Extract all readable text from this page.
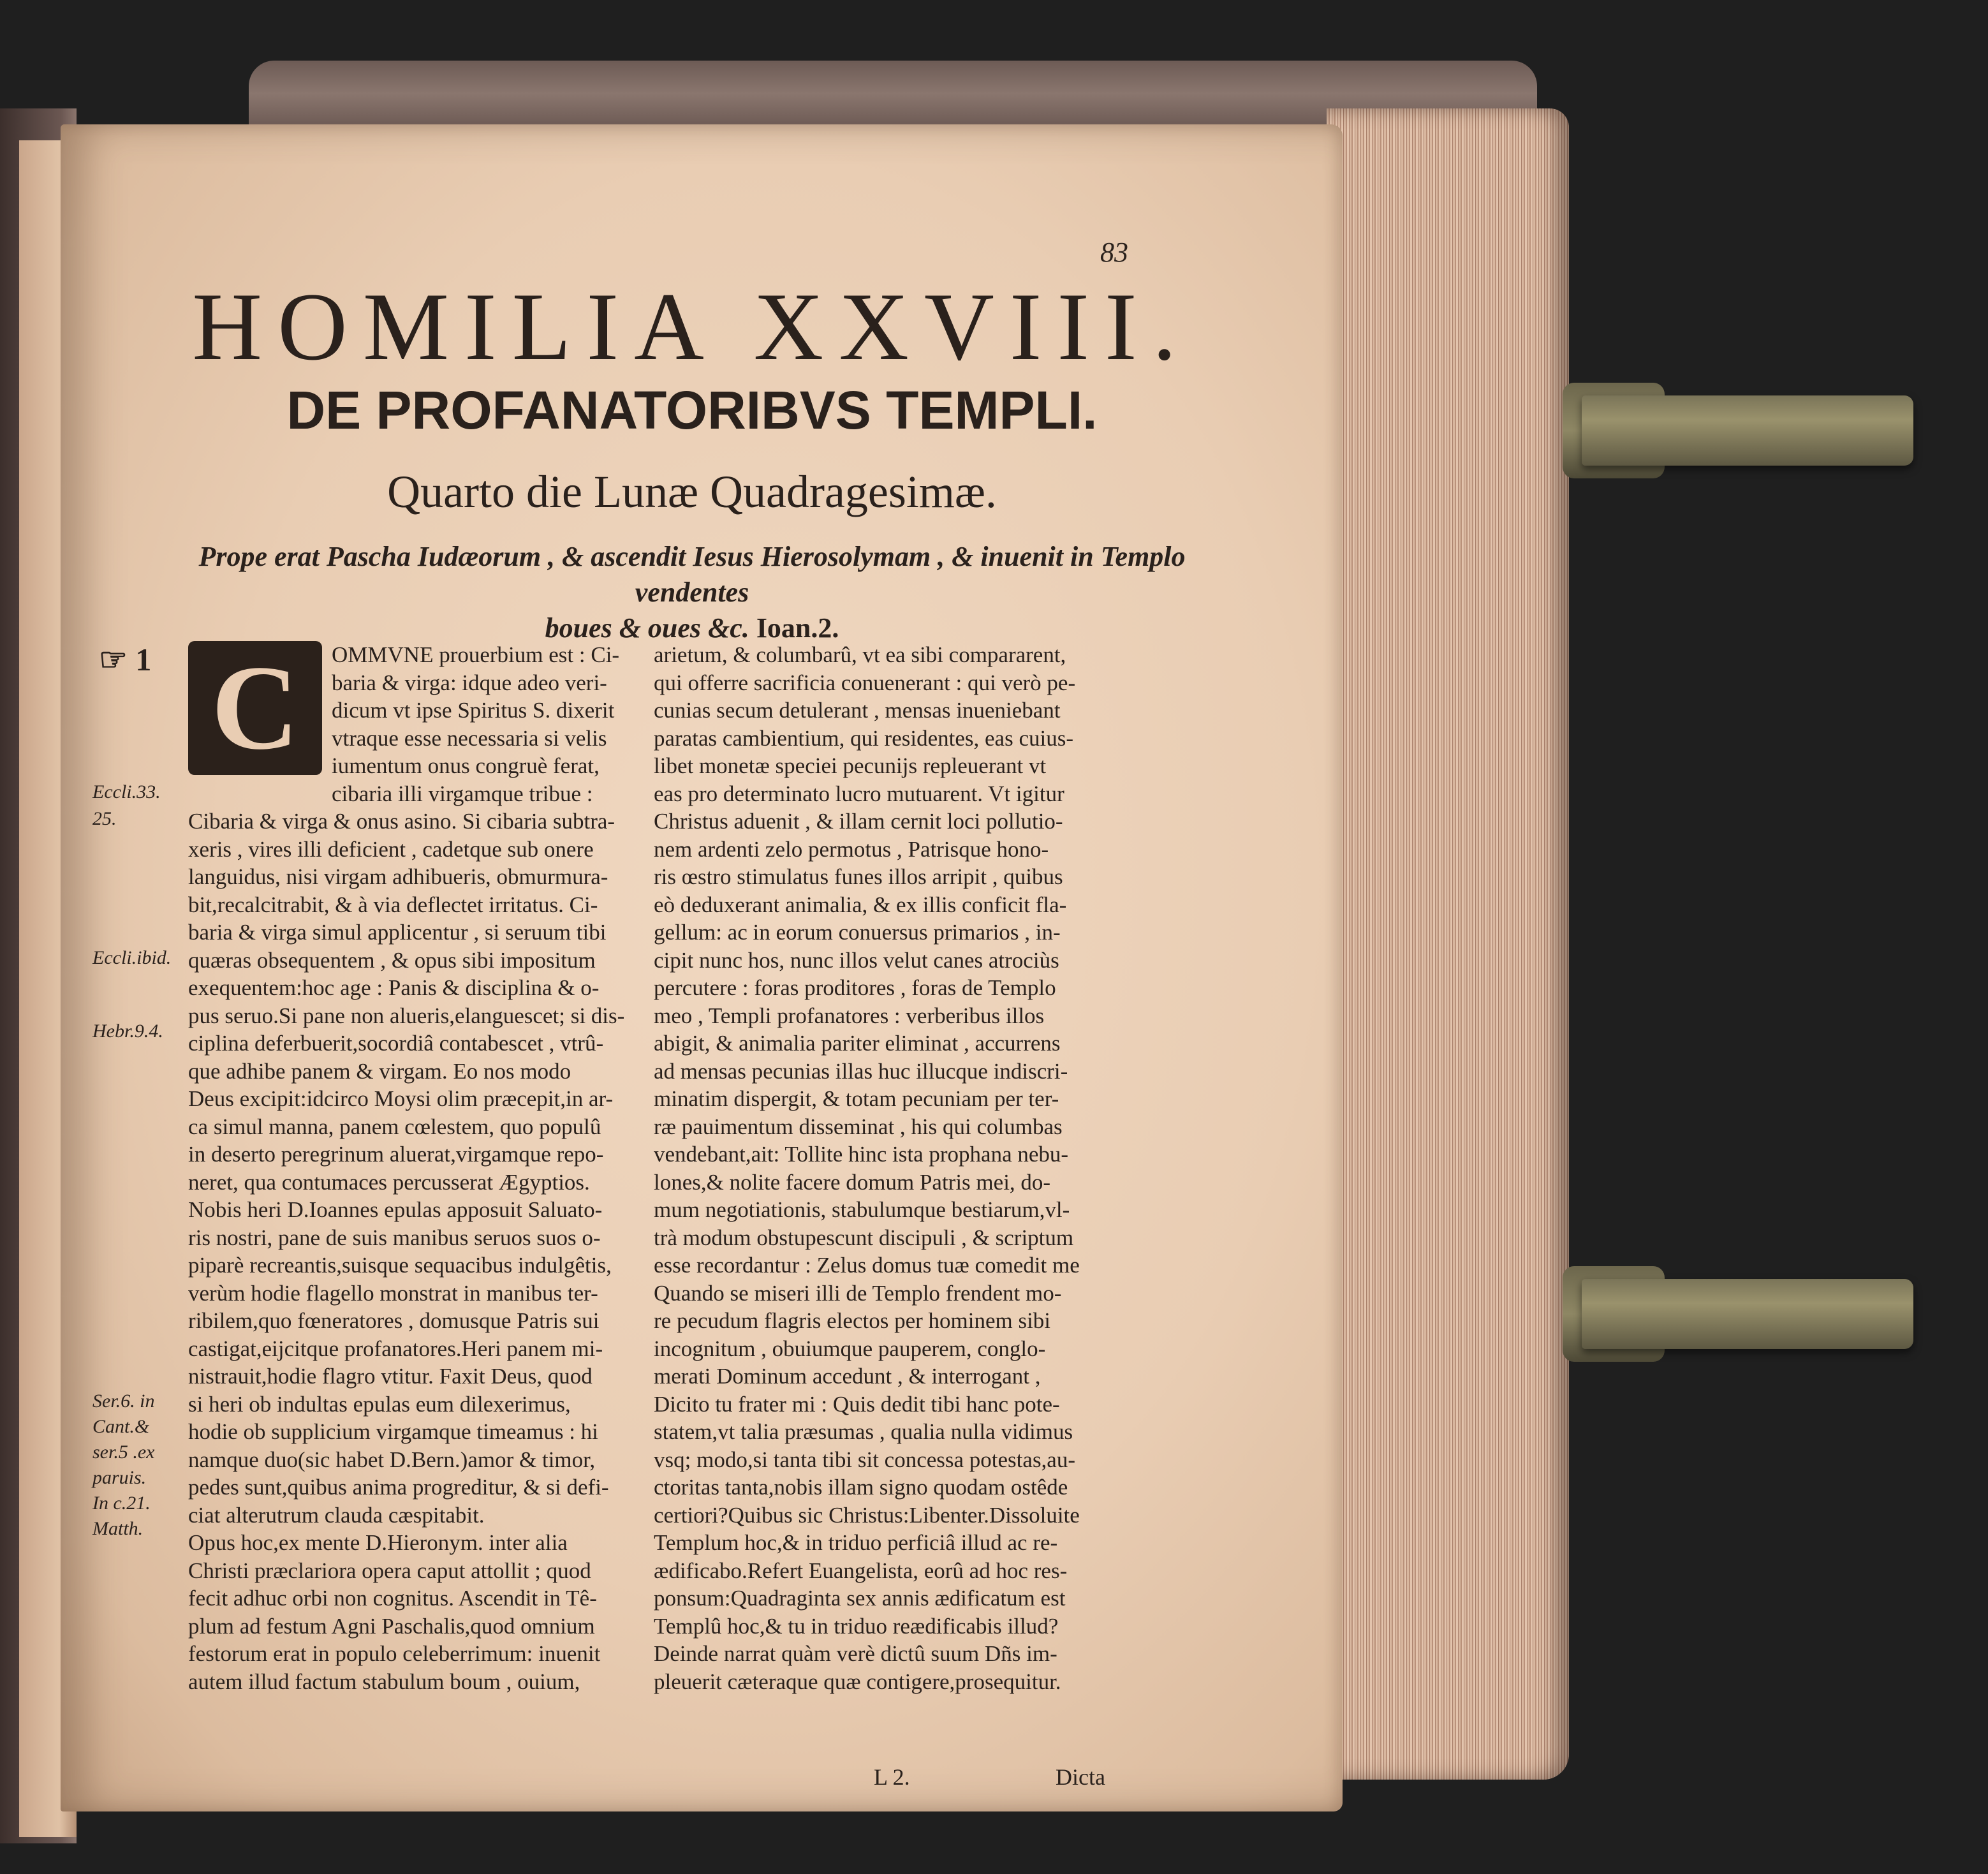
83
HOMILIA XXVIII.
DE PROFANATORIBVS TEMPLI.
Quarto die Lunæ Quadragesimæ.
Prope erat Pascha Iudæorum , & ascendit Iesus Hierosolymam , & inuenit in Templo vendentes
boues & oues &c. Ioan.2.
☞ 1
Eccli.33.
25.
Eccli.ibid.
Hebr.9.4.
Ser.6. in
Cant.&
ser.5 .ex
paruis.
In c.21.
Matth.
C	OMMVNE prouerbium est : Ci-

baria & virga: idque adeo veri-

dicum vt ipse Spiritus S. dixerit

vtraque esse necessaria si velis

iumentum onus congruè ferat,

cibaria illi virgamque tribue :

Cibaria & virga & onus asino. Si cibaria subtra-

xeris , vires illi deficient , cadetque sub onere

languidus, nisi virgam adhibueris, obmurmura-

bit,recalcitrabit, & à via deflectet irritatus. Ci-

baria & virga simul applicentur , si seruum tibi

quæras obsequentem , & opus sibi impositum

exequentem:hoc age : Panis & disciplina & o-

pus seruo.Si pane non alueris,elanguescet; si dis-

ciplina deferbuerit,socordiâ contabescet , vtrû-

que adhibe panem & virgam. Eo nos modo

Deus excipit:idcirco Moysi olim præcepit,in ar-

ca simul manna, panem cœlestem, quo populû

in deserto peregrinum aluerat,virgamque repo-

neret, qua contumaces percusserat Ægyptios.

Nobis heri D.Ioannes epulas apposuit Saluato-

ris nostri, pane de suis manibus seruos suos o-

piparè recreantis,suisque sequacibus indulgêtis,

verùm hodie flagello monstrat in manibus ter-

ribilem,quo fœneratores , domusque Patris sui

castigat,eijcitque profanatores.Heri panem mi-

nistrauit,hodie flagro vtitur. Faxit Deus, quod

si heri ob indultas epulas eum dilexerimus,

hodie ob supplicium virgamque timeamus : hi

namque duo(sic habet D.Bern.)amor & timor,

pedes sunt,quibus anima progreditur, & si defi-

ciat alterutrum claudа cæspitabit.

Opus hoc,ex mente D.Hieronym. inter alia

Christi præclariora opera caput attollit ; quod

fecit adhuc orbi non cognitus. Ascendit in Tê-

plum ad festum Agni Paschalis,quod omnium

festorum erat in populo celeberrimum: inuenit

autem illud factum stabulum boum , ouium,

arietum, & columbarû, vt ea sibi compararent,

qui offerre sacrificia conuenerant : qui verò pe-

cunias secum detulerant , mensas inueniebant

paratas cambientium, qui residentes, eas cuius-

libet monetæ speciei pecunijs repleuerant vt

eas pro determinato lucro mutuarent. Vt igitur

Christus aduenit , & illam cernit loci pollutio-

nem ardenti zelo permotus , Patrisque hono-

ris œstro stimulatus funes illos arripit , quibus

eò deduxerant animalia, & ex illis conficit fla-

gellum: ac in eorum conuersus primarios , in-

cipit nunc hos, nunc illos velut canes atrociùs

percutere : foras proditores , foras de Templo

meo , Templi profanatores : verberibus illos

abigit, & animalia pariter eliminat , accurrens

ad mensas pecunias illas huc illucque indiscri-

minatim dispergit, & totam pecuniam per ter-

ræ pauimentum disseminat , his qui columbas

vendebant,ait: Tollite hinc ista prophana nebu-

lones,& nolite facere domum Patris mei, do-

mum negotiationis, stabulumque bestiarum,vl-

trà modum obstupescunt discipuli , & scriptum

esse recordantur : Zelus domus tuæ comedit me

Quando se miseri illi de Templo frendent mo-

re pecudum flagris electos per hominem sibi

incognitum , obuiumque pauperem, conglo-

merati Dominum accedunt , & interrogant ,

Dicito tu frater mi : Quis dedit tibi hanc pote-

statem,vt talia præsumas , qualia nulla vidimus

vsq; modo,si tanta tibi sit concessa potestas,au-

ctoritas tanta,nobis illam signo quodam ostêde

certiori?Quibus sic Christus:Libenter.Dissoluite

Templum hoc,& in triduo perficiâ illud ac re-

ædificabo.Refert Euangelista, eorû ad hoc res-

ponsum:Quadraginta sex annis ædificatum est

Templû hoc,& tu in triduo reædificabis illud?

Deinde narrat quàm verè dictû suum Dñs im-

pleuerit cæteraque quæ contigere,prosequitur.

L 2.	Dicta
